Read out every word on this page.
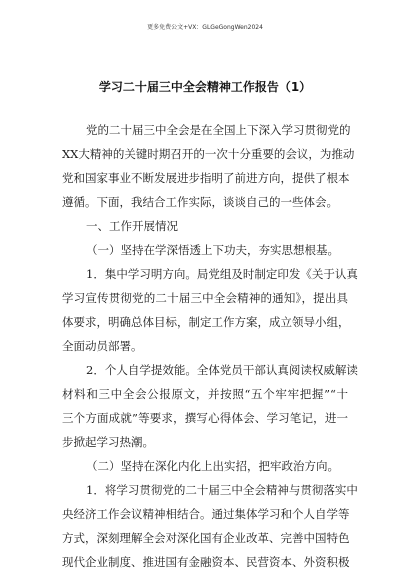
更多免费公文+VX：GLGeGongWen2024
学习二十届三中全会精神工作报告（1）
党的二十届三中全会是在全国上下深入学习贯彻党的
XX大精神的关键时期召开的一次十分重要的会议，为推动
党和国家事业不断发展进步指明了前进方向，提供了根本
遵循。下面，我结合工作实际，谈谈自己的一些体会。
一、工作开展情况
（一）坚持在学深悟透上下功夫，夯实思想根基。
1．集中学习明方向。局党组及时制定印发《关于认真
学习宣传贯彻党的二十届三中全会精神的通知》，提出具
体要求，明确总体目标，制定工作方案，成立领导小组，
全面动员部署。
2．个人自学提效能。全体党员干部认真阅读权威解读
材料和三中全会公报原文，并按照“五个牢牢把握”“十
三个方面成就”等要求，撰写心得体会、学习笔记，进一
步掀起学习热潮。
（二）坚持在深化内化上出实招，把牢政治方向。
1．将学习贯彻党的二十届三中全会精神与贯彻落实中
央经济工作会议精神相结合。通过集体学习和个人自学等
方式，深刻理解全会对深化国有企业改革、完善中国特色
现代企业制度、推进国有金融资本、民营资本、外资积极
